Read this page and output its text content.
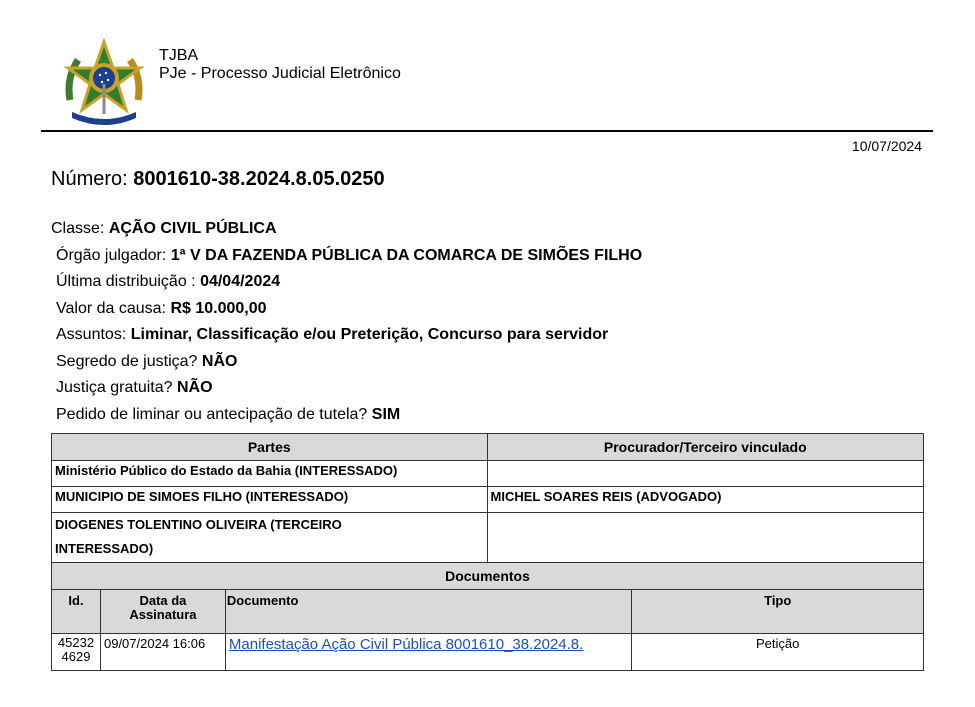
TJBA
PJe - Processo Judicial Eletrônico
10/07/2024
Número: 8001610-38.2024.8.05.0250
Classe: AÇÃO CIVIL PÚBLICA
Órgão julgador: 1ª V DA FAZENDA PÚBLICA DA COMARCA DE SIMÕES FILHO
Última distribuição : 04/04/2024
Valor da causa: R$ 10.000,00
Assuntos: Liminar, Classificação e/ou Preterição, Concurso para servidor
Segredo de justiça? NÃO
Justiça gratuita? NÃO
Pedido de liminar ou antecipação de tutela? SIM
Partes	Procurador/Terceiro vinculado
Ministério Público do Estado da Bahia (INTERESSADO)	
MUNICIPIO DE SIMOES FILHO (INTERESSADO)	MICHEL SOARES REIS (ADVOGADO)
DIOGENES TOLENTINO OLIVEIRA (TERCEIRO INTERESSADO)	
Documentos			
Id.	Data da Assinatura	Documento	Tipo
452324629	09/07/2024 16:06	Manifestação Ação Civil Pública 8001610_38.2024.8.	Petição
